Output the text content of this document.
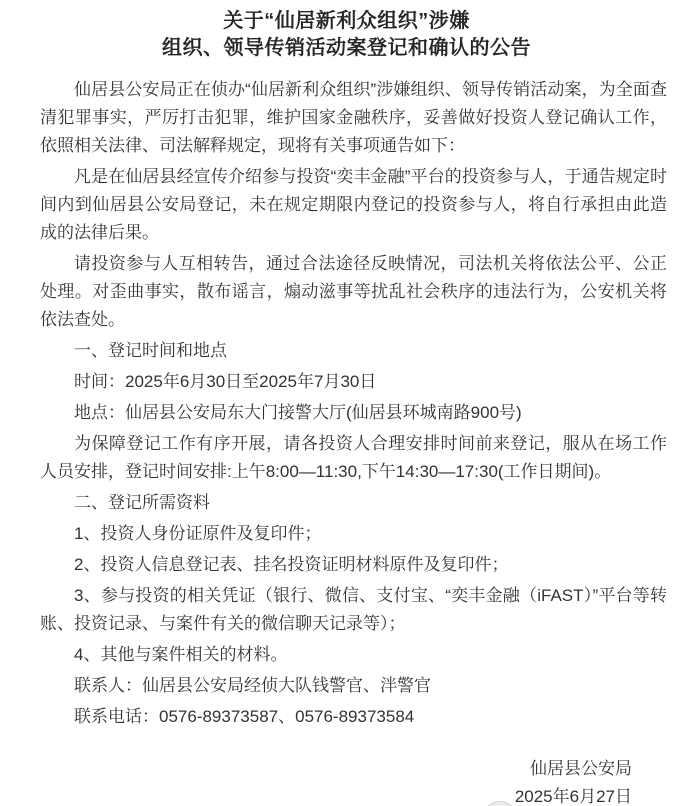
关于“仙居新利众组织”涉嫌
组织、领导传销活动案登记和确认的公告

仙居县公安局正在侦办“仙居新利众组织”涉嫌组织、领导传销活动案，为全面查清犯罪事实，严厉打击犯罪，维护国家金融秩序，妥善做好投资人登记确认工作，依照相关法律、司法解释规定，现将有关事项通告如下：

凡是在仙居县经宣传介绍参与投资“奕丰金融”平台的投资参与人，于通告规定时间内到仙居县公安局登记，未在规定期限内登记的投资参与人，将自行承担由此造成的法律后果。

请投资参与人互相转告，通过合法途径反映情况，司法机关将依法公平、公正处理。对歪曲事实，散布谣言，煽动滋事等扰乱社会秩序的违法行为，公安机关将依法查处。

一、登记时间和地点

时间：2025年6月30日至2025年7月30日

地点：仙居县公安局东大门接警大厅(仙居县环城南路900号)

为保障登记工作有序开展，请各投资人合理安排时间前来登记，服从在场工作人员安排，登记时间安排:上午8:00—11:30,下午14:30—17:30(工作日期间)。

二、登记所需资料

1、投资人身份证原件及复印件；

2、投资人信息登记表、挂名投资证明材料原件及复印件；

3、参与投资的相关凭证（银行、微信、支付宝、“奕丰金融（iFAST）”平台等转账、投资记录、与案件有关的微信聊天记录等）；

4、其他与案件相关的材料。

联系人：仙居县公安局经侦大队钱警官、泮警官

联系电话：0576-89373587、0576-89373584

仙居县公安局

2025年6月27日
